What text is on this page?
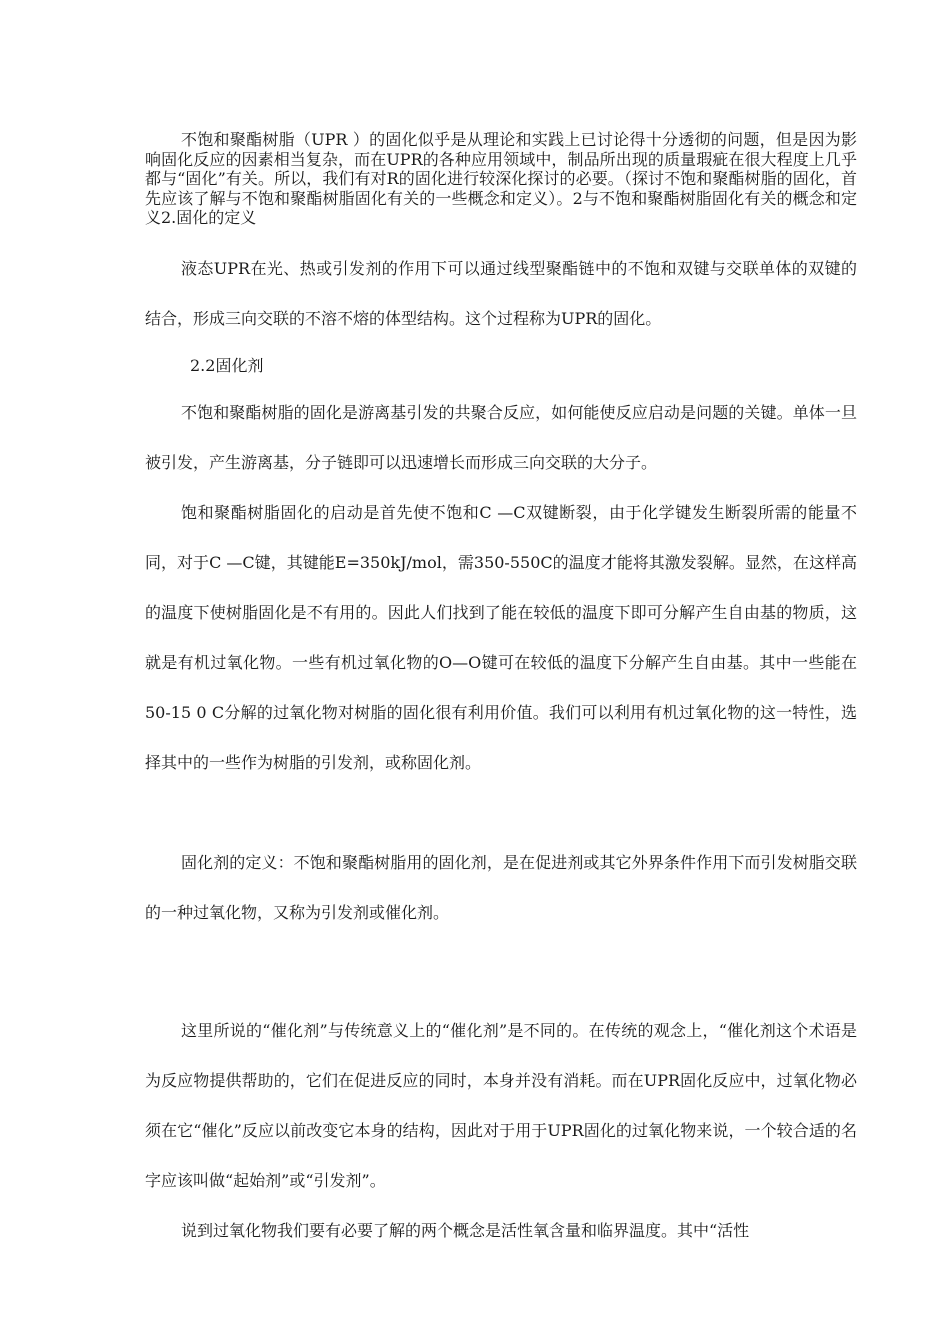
不饱和聚酯树脂（UPR ）的固化似乎是从理论和实践上已讨论得十分透彻的问题，但是因为影响固化反应的因素相当复杂，而在UPR的各种应用领域中，制品所出现的质量瑕疵在很大程度上几乎都与“固化”有关。所以，我们有对R的固化进行较深化探讨的必要。（探讨不饱和聚酯树脂的固化，首先应该了解与不饱和聚酯树脂固化有关的一些概念和定义）。2与不饱和聚酯树脂固化有关的概念和定义2.固化的定义

液态UPR在光、热或引发剂的作用下可以通过线型聚酯链中的不饱和双键与交联单体的双键的结合，形成三向交联的不溶不熔的体型结构。这个过程称为UPR的固化。

2.2固化剂

不饱和聚酯树脂的固化是游离基引发的共聚合反应，如何能使反应启动是问题的关键。单体一旦被引发，产生游离基，分子链即可以迅速增长而形成三向交联的大分子。

饱和聚酯树脂固化的启动是首先使不饱和C —C双键断裂，由于化学键发生断裂所需的能量不同，对于C —C键，其键能E=350kJ/mol，需350-550C的温度才能将其激发裂解。显然，在这样高的温度下使树脂固化是不有用的。因此人们找到了能在较低的温度下即可分解产生自由基的物质，这就是有机过氧化物。一些有机过氧化物的O—O键可在较低的温度下分解产生自由基。其中一些能在50-15 0 C分解的过氧化物对树脂的固化很有利用价值。我们可以利用有机过氧化物的这一特性，选择其中的一些作为树脂的引发剂，或称固化剂。

固化剂的定义：不饱和聚酯树脂用的固化剂，是在促进剂或其它外界条件作用下而引发树脂交联的一种过氧化物，又称为引发剂或催化剂。

这里所说的“催化剂”与传统意义上的“催化剂”是不同的。在传统的观念上，“催化剂这个术语是为反应物提供帮助的，它们在促进反应的同时，本身并没有消耗。而在UPR固化反应中，过氧化物必须在它“催化”反应以前改变它本身的结构，因此对于用于UPR固化的过氧化物来说，一个较合适的名字应该叫做“起始剂”或“引发剂”。

说到过氧化物我们要有必要了解的两个概念是活性氧含量和临界温度。其中“活性
